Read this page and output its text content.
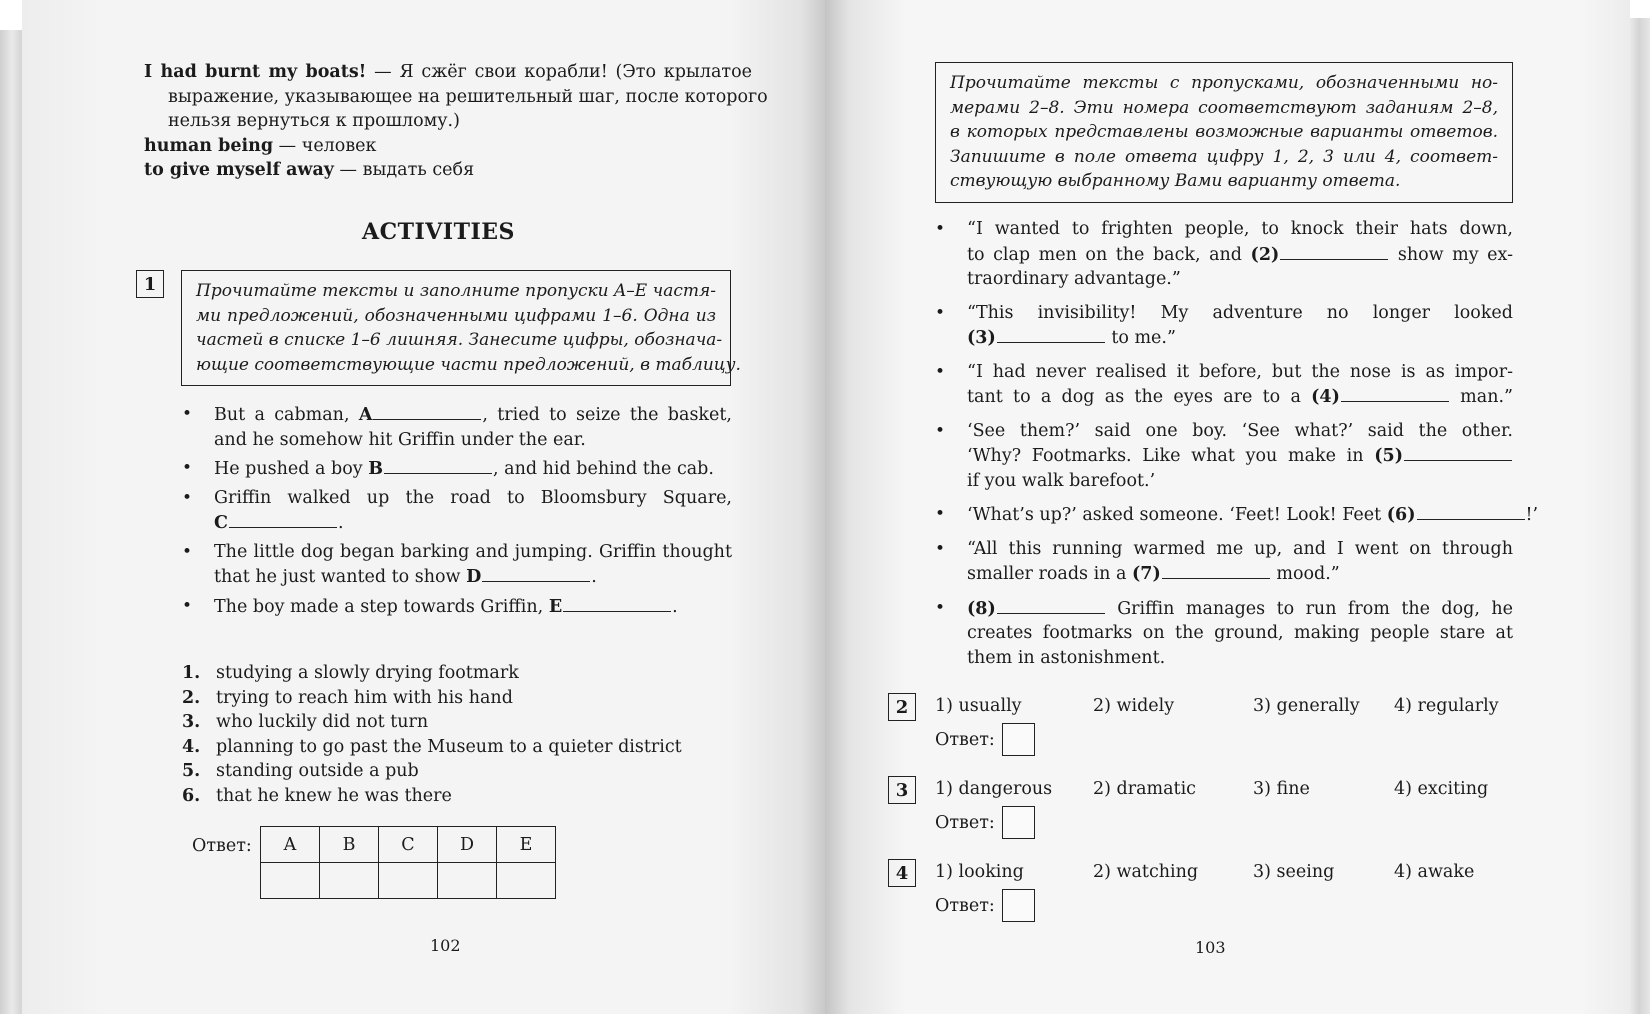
I had burnt my boats! — Я сжёг свои корабли! (Это крылатое
выражение, указывающее на решительный шаг, после которого
нельзя вернуться к прошлому.)
human being — человек
to give myself away — выдать себя
ACTIVITIES
1	Прочитайте тексты и заполните пропуски A–E частя-
ми предложений, обозначенными цифрами 1–6. Одна из
частей в списке 1–6 лишняя. Занесите цифры, обознача-
ющие соответствующие части предложений, в таблицу.
• But a cabman, A	, tried to seize the basket,
and he somehow hit Griffin under the ear.
• He pushed a boy B	, and hid behind the cab.
• Griffin walked up the road to Bloomsbury Square,
C	.
• The little dog began barking and jumping. Griffin thought
that he just wanted to show D	.
• The boy made a step towards Griffin, E	.
1. studying a slowly drying footmark
2. trying to reach him with his hand
3. who luckily did not turn
4. planning to go past the Museum to a quieter district
5. standing outside a pub
6. that he knew he was there
Ответ: A	B	C	D	E

102
Прочитайте тексты с пропусками, обозначенными но-
мерами 2–8. Эти номера соответствуют заданиям 2–8,
в которых представлены возможные варианты ответов.
Запишите в поле ответа цифру 1, 2, 3 или 4, соответ-
ствующую выбранному Вами варианту ответа.
• “I wanted to frighten people, to knock their hats down,
to clap men on the back, and (2)	show my ex-
traordinary advantage.”
• “This invisibility! My adventure no longer looked
(3)	to me.”
• “I had never realised it before, but the nose is as impor-
tant to a dog as the eyes are to a (4)	man.”
• ‘See them?’ said one boy. ‘See what?’ said the other.
‘Why? Footmarks. Like what you make in (5)
if you walk barefoot.’
• ‘What’s up?’ asked someone. ‘Feet! Look! Feet (6)	!’
• “All this running warmed me up, and I went on through
smaller roads in a (7)	mood.”
• (8)	Griffin manages to run from the dog, he
creates footmarks on the ground, making people stare at
them in astonishment.
2	1) usually	2) widely	3) generally 4) regularly
Ответ:
3	1) dangerous 2) dramatic	3) fine	4) exciting
Ответ:
4	1) looking	2) watching	3) seeing	4) awake
Ответ:
103
